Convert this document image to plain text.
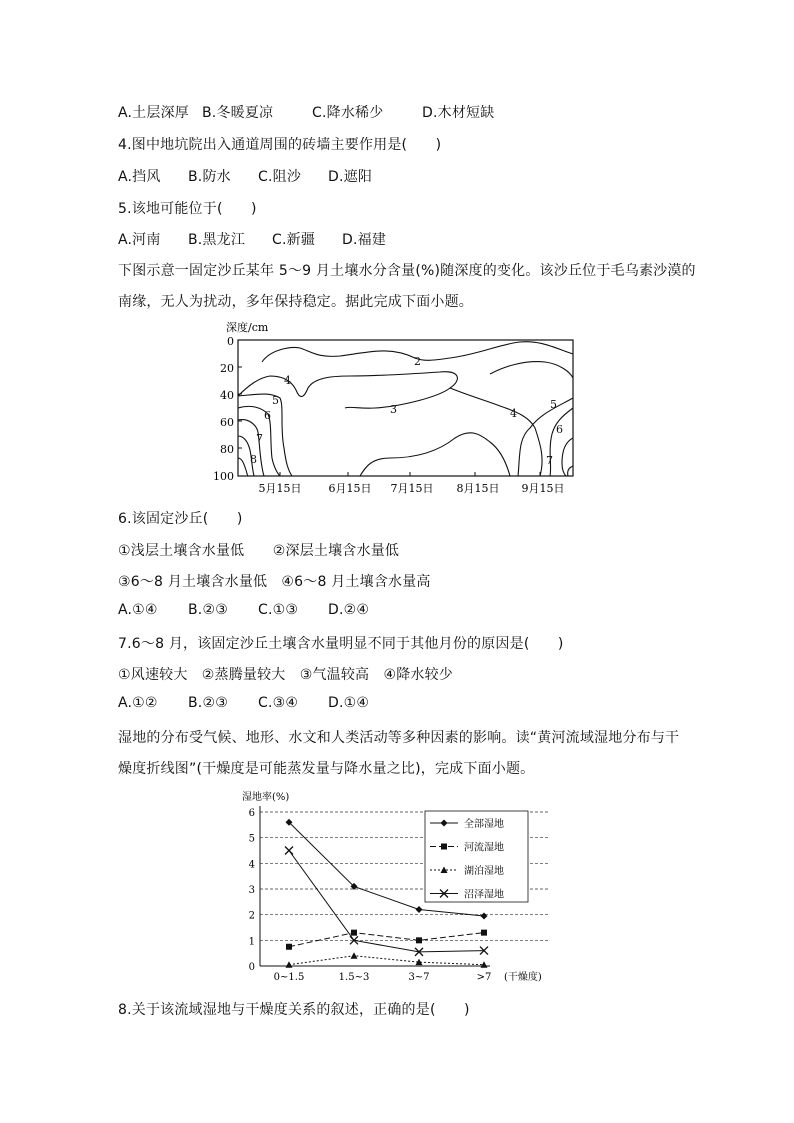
A.土层深厚 B.冬暖夏凉	C.降水稀少	D.木材短缺
4.图中地坑院出入通道周围的砖墙主要作用是(　　)
A.挡风 B.防水 C.阻沙 D.遮阳
5.该地可能位于(　　)
A.河南 B.黑龙江 C.新疆 D.福建
下图示意一固定沙丘某年 5～9 月土壤水分含量(%)随深度的变化。该沙丘位于毛乌素沙漠的
南缘，无人为扰动，多年保持稳定。据此完成下面小题。
深度/cm
0
20
40
60
80
100
5月15日 6月15日 7月15日 8月15日 9月15日
2
3
4
4
5	5
6
6
7
7
8
6.该固定沙丘(　　)
①浅层土壤含水量低　　②深层土壤含水量低
③6～8 月土壤含水量低　④6～8 月土壤含水量高
A.①④ B.②③ C.①③ D.②④
7.6～8 月，该固定沙丘土壤含水量明显不同于其他月份的原因是(　　)
①风速较大　②蒸腾量较大　③气温较高　④降水较少
A.①② B.②③ C.③④ D.①④
湿地的分布受气候、地形、水文和人类活动等多种因素的影响。读“黄河流域湿地分布与干
燥度折线图”(干燥度是可能蒸发量与降水量之比)，完成下面小题。
湿地率(%)
0
1
2
3
4
5
6
0~1.5	1.5~3	3~7	>7 (干燥度)
全部湿地
河流湿地
湖泊湿地
沼泽湿地
8.关于该流域湿地与干燥度关系的叙述，正确的是(　　)
